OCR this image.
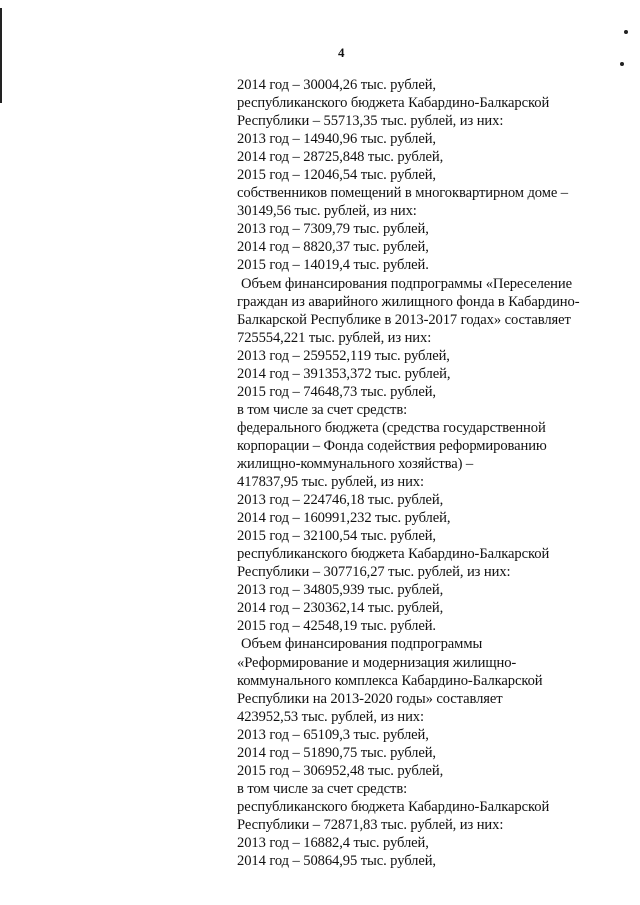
4
2014 год – 30004,26 тыс. рублей,
республиканского бюджета Кабардино-Балкарской
Республики – 55713,35 тыс. рублей, из них:
2013 год – 14940,96 тыс. рублей,
2014 год – 28725,848 тыс. рублей,
2015 год – 12046,54 тыс. рублей,
собственников помещений в многоквартирном доме –
30149,56 тыс. рублей, из них:
2013 год – 7309,79 тыс. рублей,
2014 год – 8820,37 тыс. рублей,
2015 год – 14019,4 тыс. рублей.
Объем финансирования подпрограммы «Переселение
граждан из аварийного жилищного фонда в Кабардино-
Балкарской Республике в 2013-2017 годах» составляет
725554,221 тыс. рублей, из них:
2013 год – 259552,119 тыс. рублей,
2014 год – 391353,372 тыс. рублей,
2015 год – 74648,73 тыс. рублей,
в том числе за счет средств:
федерального бюджета (средства государственной
корпорации – Фонда содействия реформированию
жилищно-коммунального хозяйства) –
417837,95 тыс. рублей, из них:
2013 год – 224746,18 тыс. рублей,
2014 год – 160991,232 тыс. рублей,
2015 год – 32100,54 тыс. рублей,
республиканского бюджета Кабардино-Балкарской
Республики – 307716,27 тыс. рублей, из них:
2013 год – 34805,939 тыс. рублей,
2014 год – 230362,14 тыс. рублей,
2015 год – 42548,19 тыс. рублей.
Объем финансирования подпрограммы
«Реформирование и модернизация жилищно-
коммунального комплекса Кабардино-Балкарской
Республики на 2013-2020 годы» составляет
423952,53 тыс. рублей, из них:
2013 год – 65109,3 тыс. рублей,
2014 год – 51890,75 тыс. рублей,
2015 год – 306952,48 тыс. рублей,
в том числе за счет средств:
республиканского бюджета Кабардино-Балкарской
Республики – 72871,83 тыс. рублей, из них:
2013 год – 16882,4 тыс. рублей,
2014 год – 50864,95 тыс. рублей,
